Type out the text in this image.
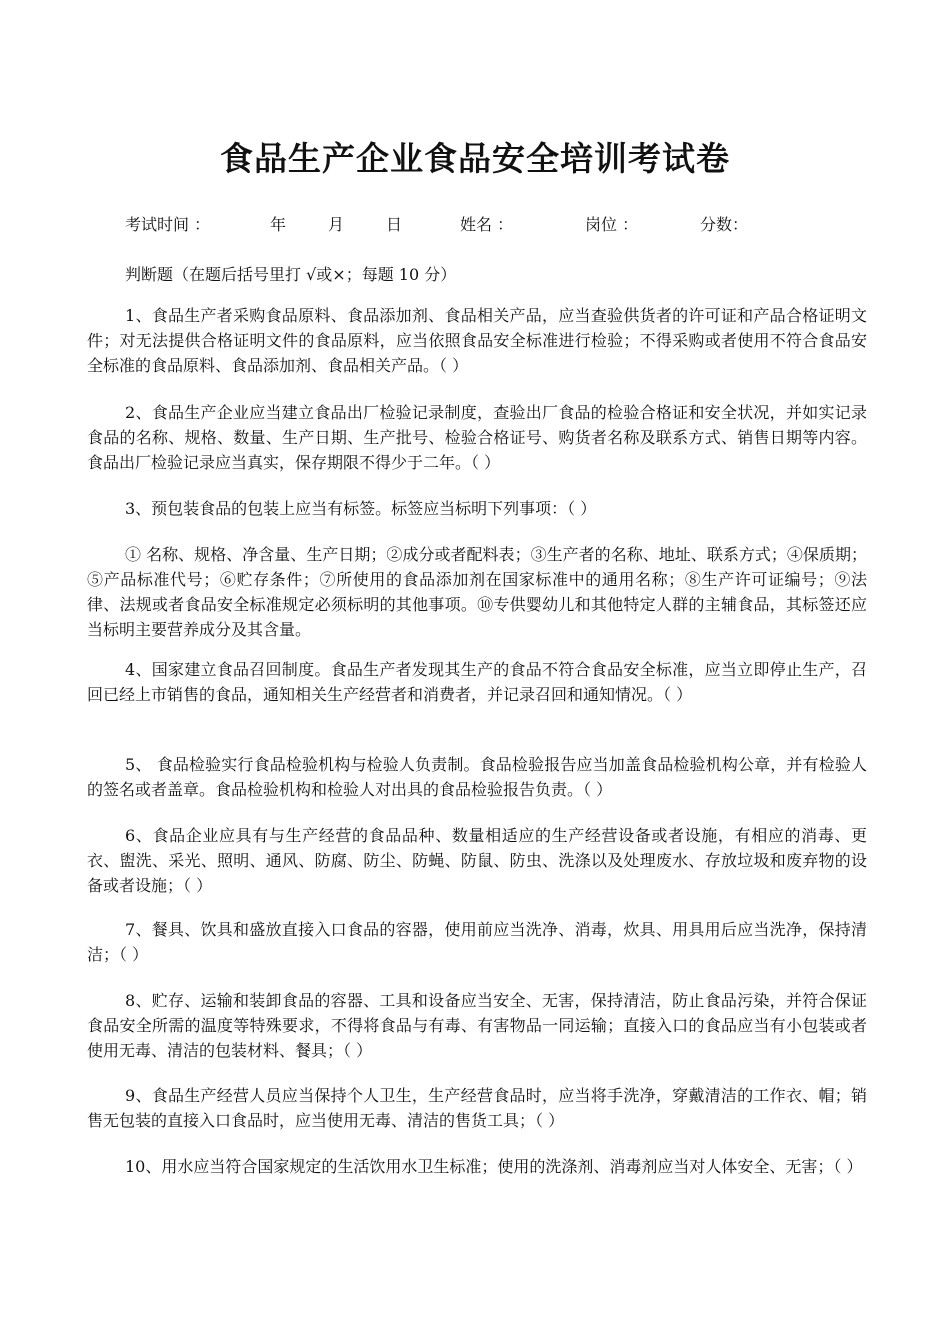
食品生产企业食品安全培训考试卷
考试时间 ：	年	月	日	姓名 ：	岗位 ：	分数：
判断题（在题后括号里打 √或×；每题 10 分）

1、食品生产者采购食品原料、食品添加剂、食品相关产品，应当查验供货者的许可证和产品合格证明文件；对无法提供合格证明文件的食品原料，应当依照食品安全标准进行检验；不得采购或者使用不符合食品安全标准的食品原料、食品添加剂、食品相关产品。（ ）

2、食品生产企业应当建立食品出厂检验记录制度，查验出厂食品的检验合格证和安全状况，并如实记录食品的名称、规格、数量、生产日期、生产批号、检验合格证号、购货者名称及联系方式、销售日期等内容。食品出厂检验记录应当真实，保存期限不得少于二年。（ ）

3、预包装食品的包装上应当有标签。标签应当标明下列事项：（ ）

① 名称、规格、净含量、生产日期；②成分或者配料表；③生产者的名称、地址、联系方式；④保质期；⑤产品标准代号；⑥贮存条件；⑦所使用的食品添加剂在国家标准中的通用名称；⑧生产许可证编号；⑨法律、法规或者食品安全标准规定必须标明的其他事项。⑩专供婴幼儿和其他特定人群的主辅食品，其标签还应当标明主要营养成分及其含量。

4、国家建立食品召回制度。食品生产者发现其生产的食品不符合食品安全标准，应当立即停止生产，召回已经上市销售的食品，通知相关生产经营者和消费者，并记录召回和通知情况。（ ）

5、 食品检验实行食品检验机构与检验人负责制。食品检验报告应当加盖食品检验机构公章，并有检验人的签名或者盖章。食品检验机构和检验人对出具的食品检验报告负责。（ ）

6、食品企业应具有与生产经营的食品品种、数量相适应的生产经营设备或者设施，有相应的消毒、更衣、盥洗、采光、照明、通风、防腐、防尘、防蝇、防鼠、防虫、洗涤以及处理废水、存放垃圾和废弃物的设备或者设施；（ ）

7、餐具、饮具和盛放直接入口食品的容器，使用前应当洗净、消毒，炊具、用具用后应当洗净，保持清洁；（ ）

8、贮存、运输和装卸食品的容器、工具和设备应当安全、无害，保持清洁，防止食品污染，并符合保证食品安全所需的温度等特殊要求，不得将食品与有毒、有害物品一同运输；直接入口的食品应当有小包装或者使用无毒、清洁的包装材料、餐具；（ ）

9、食品生产经营人员应当保持个人卫生，生产经营食品时，应当将手洗净，穿戴清洁的工作衣、帽；销售无包装的直接入口食品时，应当使用无毒、清洁的售货工具；（ ）

10、用水应当符合国家规定的生活饮用水卫生标准；使用的洗涤剂、消毒剂应当对人体安全、无害；（ ）
